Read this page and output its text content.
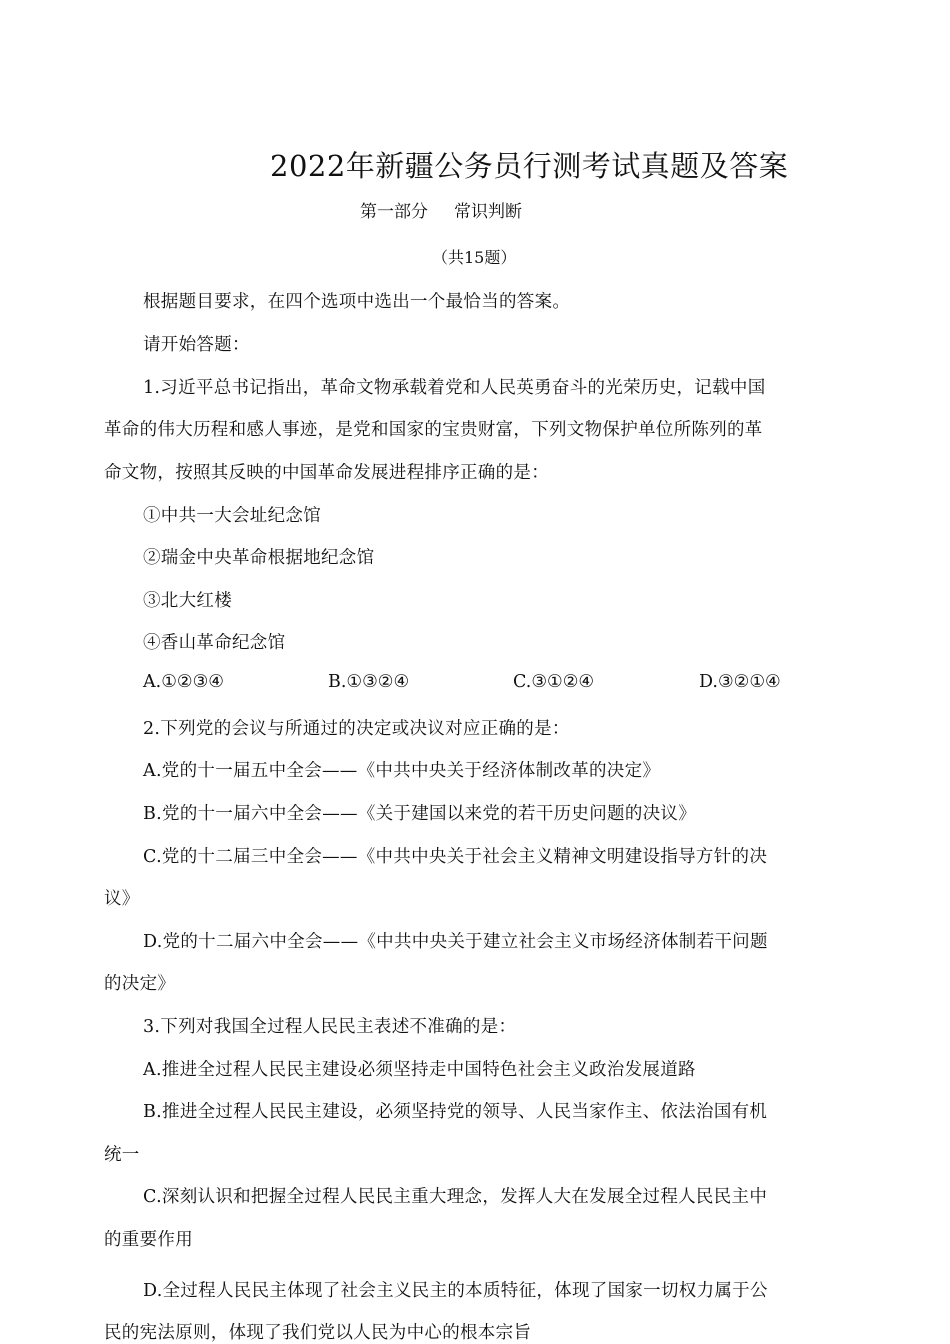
2022年新疆公务员行测考试真题及答案
第一部分 常识判断
（共15题）
根据题目要求，在四个选项中选出一个最恰当的答案。
请开始答题：
1.习近平总书记指出，革命文物承载着党和人民英勇奋斗的光荣历史，记载中国
革命的伟大历程和感人事迹，是党和国家的宝贵财富，下列文物保护单位所陈列的革
命文物，按照其反映的中国革命发展进程排序正确的是：
①中共一大会址纪念馆
②瑞金中央革命根据地纪念馆
③北大红楼
④香山革命纪念馆
A.①②③④	B.①③②④	C.③①②④	D.③②①④
2.下列党的会议与所通过的决定或决议对应正确的是：
A.党的十一届五中全会——《中共中央关于经济体制改革的决定》
B.党的十一届六中全会——《关于建国以来党的若干历史问题的决议》
C.党的十二届三中全会——《中共中央关于社会主义精神文明建设指导方针的决
议》
D.党的十二届六中全会——《中共中央关于建立社会主义市场经济体制若干问题
的决定》
3.下列对我国全过程人民民主表述不准确的是：
A.推进全过程人民民主建设必须坚持走中国特色社会主义政治发展道路
B.推进全过程人民民主建设，必须坚持党的领导、人民当家作主、依法治国有机
统一
C.深刻认识和把握全过程人民民主重大理念，发挥人大在发展全过程人民民主中
的重要作用
D.全过程人民民主体现了社会主义民主的本质特征，体现了国家一切权力属于公
民的宪法原则，体现了我们党以人民为中心的根本宗旨
